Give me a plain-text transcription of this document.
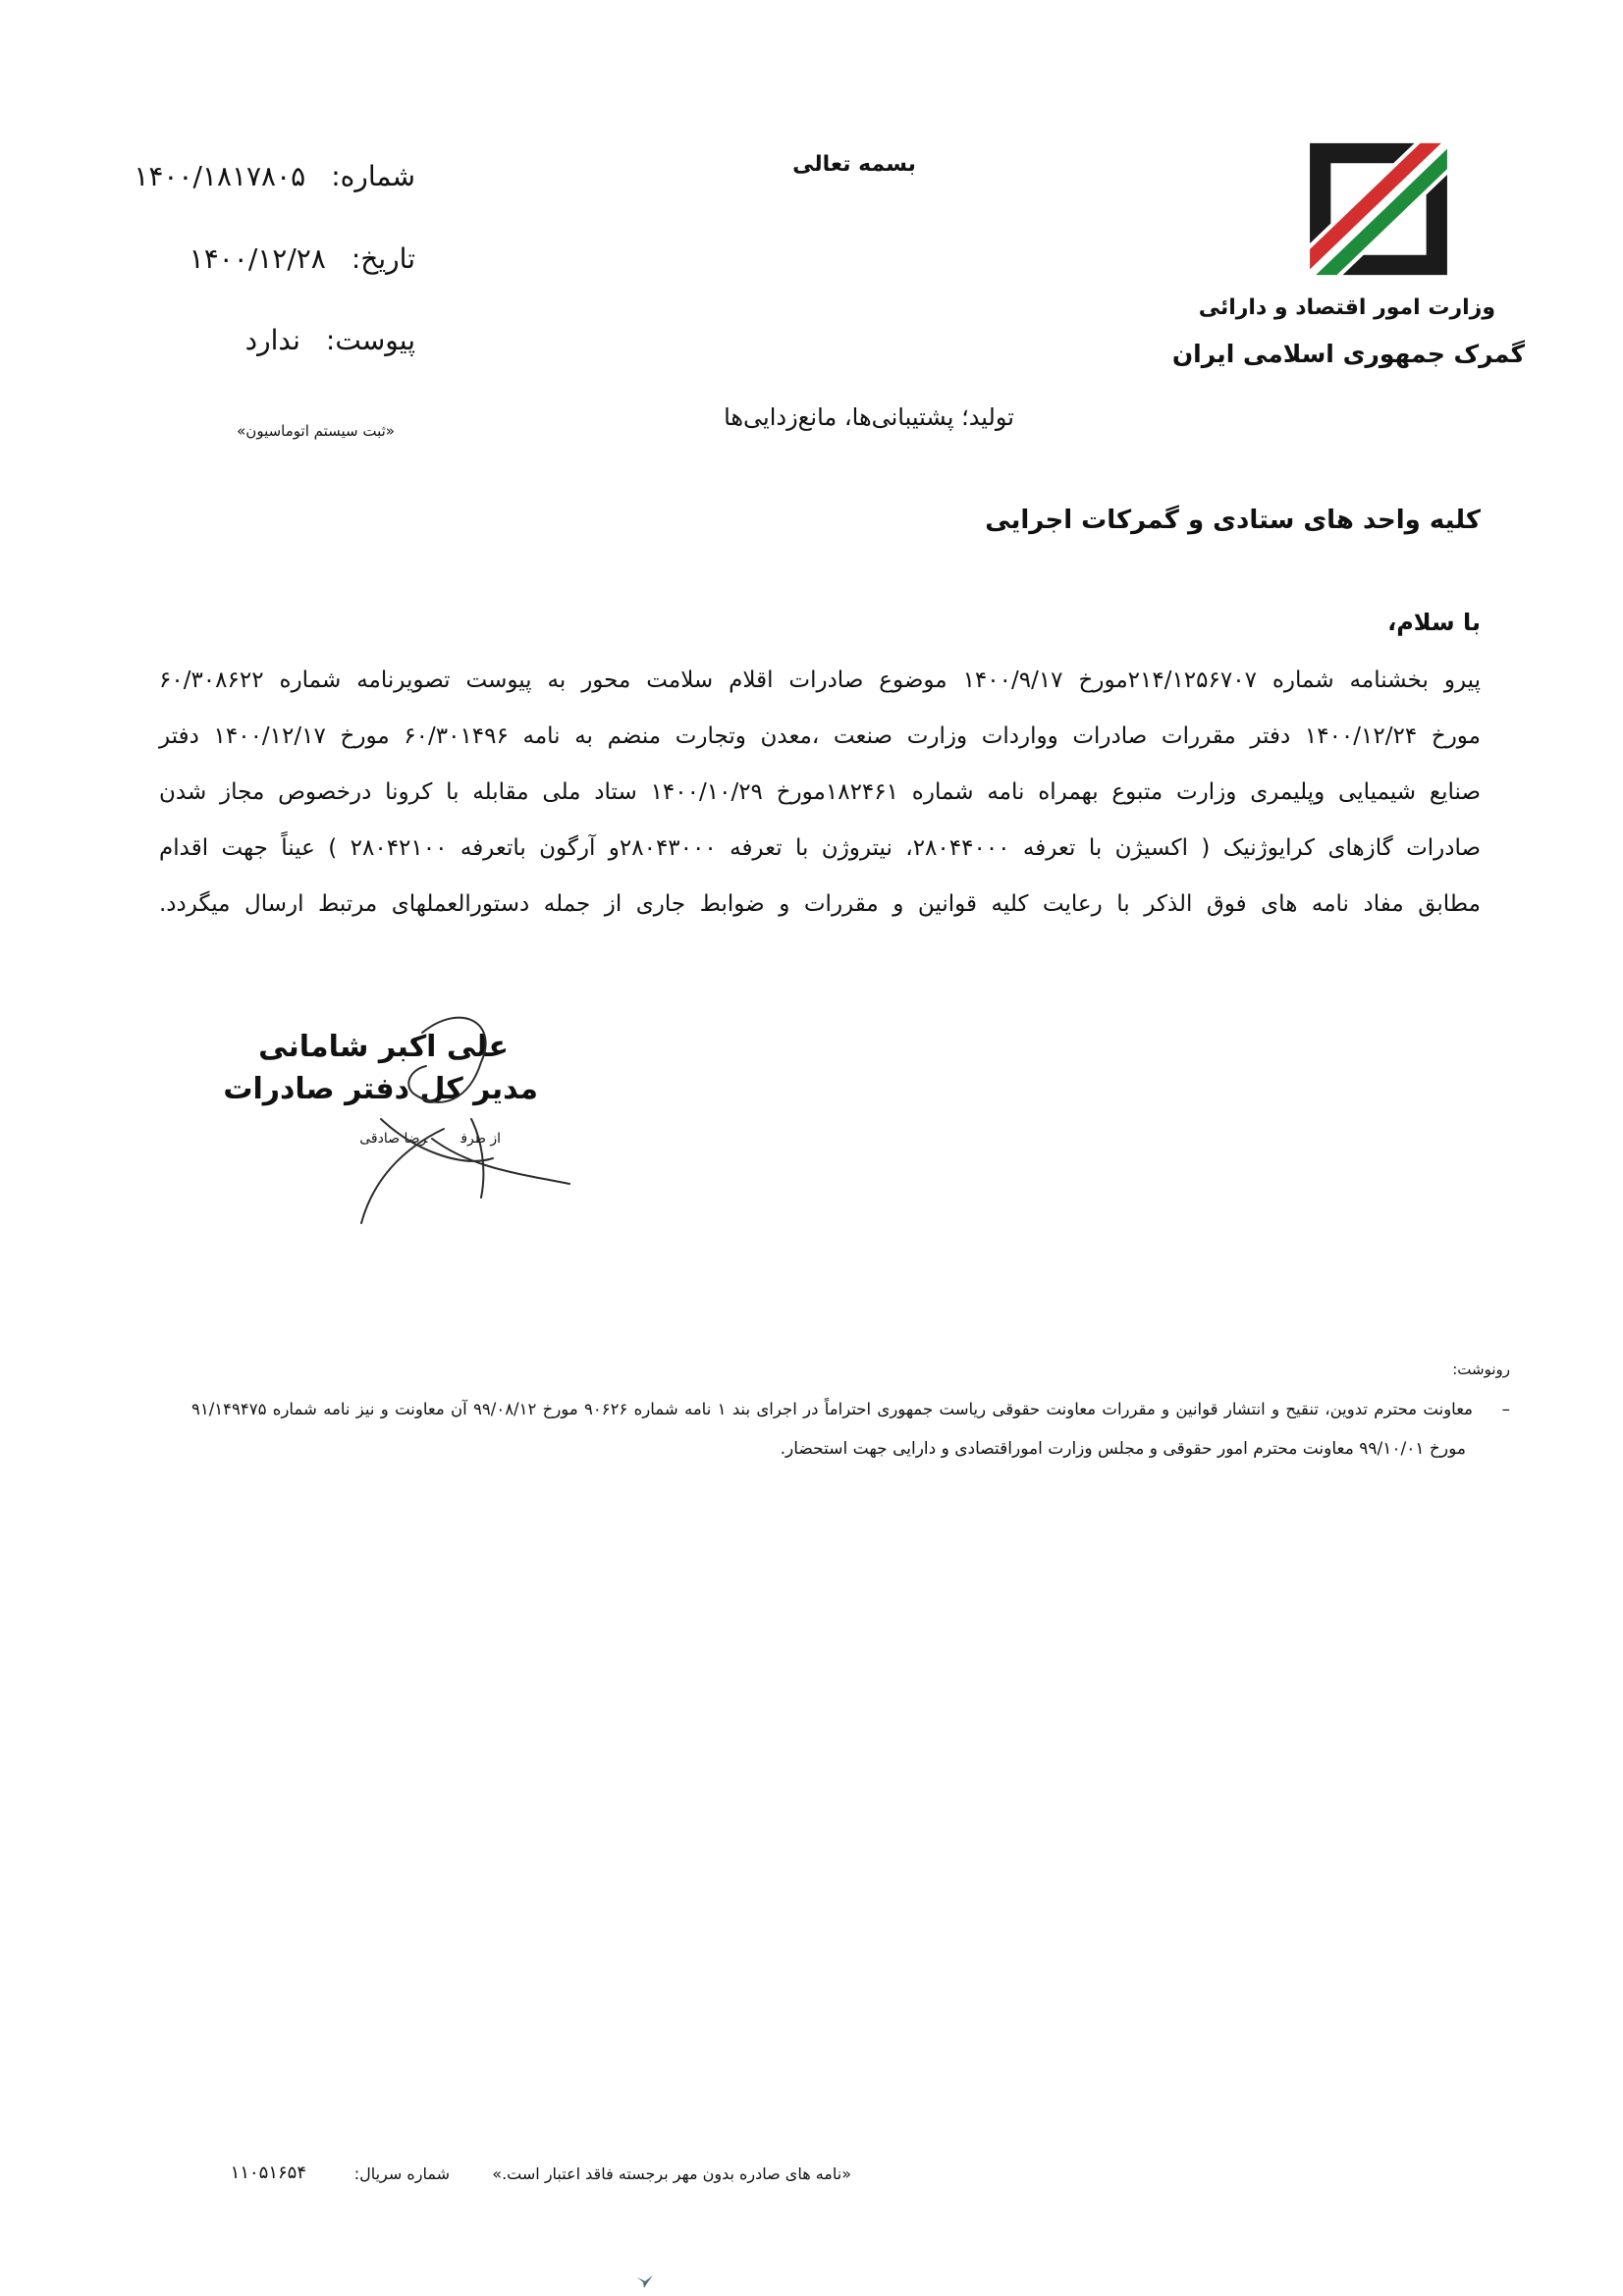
وزارت امور اقتصاد و دارائی
گمرک جمهوری اسلامی ایران
بسمه تعالی
شماره:۱۴۰۰/۱۸۱۷۸۰۵
تاریخ:۱۴۰۰/۱۲/۲۸
پیوست:ندارد
«ثبت سیستم اتوماسیون»	تولید؛ پشتیبانی‌ها، مانع‌زدایی‌ها
کلیه واحد های ستادی و گمرکات اجرایی
با سلام،
پیرو بخشنامه شماره ۲۱۴/۱۲۵۶۷۰۷مورخ ۱۴۰۰/۹/۱۷ موضوع صادرات اقلام سلامت محور به پیوست تصویرنامه شماره ۶۰/۳۰۸۶۲۲
مورخ ۱۴۰۰/۱۲/۲۴ دفتر مقررات صادرات وواردات وزارت صنعت ،معدن وتجارت منضم به نامه ۶۰/۳۰۱۴۹۶ مورخ ۱۴۰۰/۱۲/۱۷ دفتر
صنایع شیمیایی وپلیمری وزارت متبوع بهمراه نامه شماره ۱۸۲۴۶۱مورخ ۱۴۰۰/۱۰/۲۹ ستاد ملی مقابله با کرونا درخصوص مجاز شدن
صادرات گازهای کرایوژنیک ( اکسیژن با تعرفه ۲۸۰۴۴۰۰۰، نیتروژن با تعرفه ۲۸۰۴۳۰۰۰و آرگون باتعرفه ۲۸۰۴۲۱۰۰ ) عیناً جهت اقدام
مطابق مفاد نامه های فوق الذکر با رعایت کلیه قوانین و مقررات و ضوابط جاری از جمله دستورالعملهای مرتبط ارسال میگردد.
علی اکبر شامانی
مدیر کل دفتر صادرات
از طرفرضا صادقی
رونوشت:
–
معاونت محترم تدوین، تنقیح و انتشار قوانین و مقررات معاونت حقوقی ریاست جمهوری احتراماً در اجرای بند ۱ نامه شماره ۹۰۶۲۶ مورخ ۹۹/۰۸/۱۲ آن معاونت و نیز نامه شماره ۹۱/۱۴۹۴۷۵
مورخ ۹۹/۱۰/۰۱ معاونت محترم امور حقوقی و مجلس وزارت اموراقتصادی و دارایی جهت استحضار.
«نامه های صادره بدون مهر برجسته فاقد اعتبار است.»
شماره سریال:
۱۱۰۵۱۶۵۴
